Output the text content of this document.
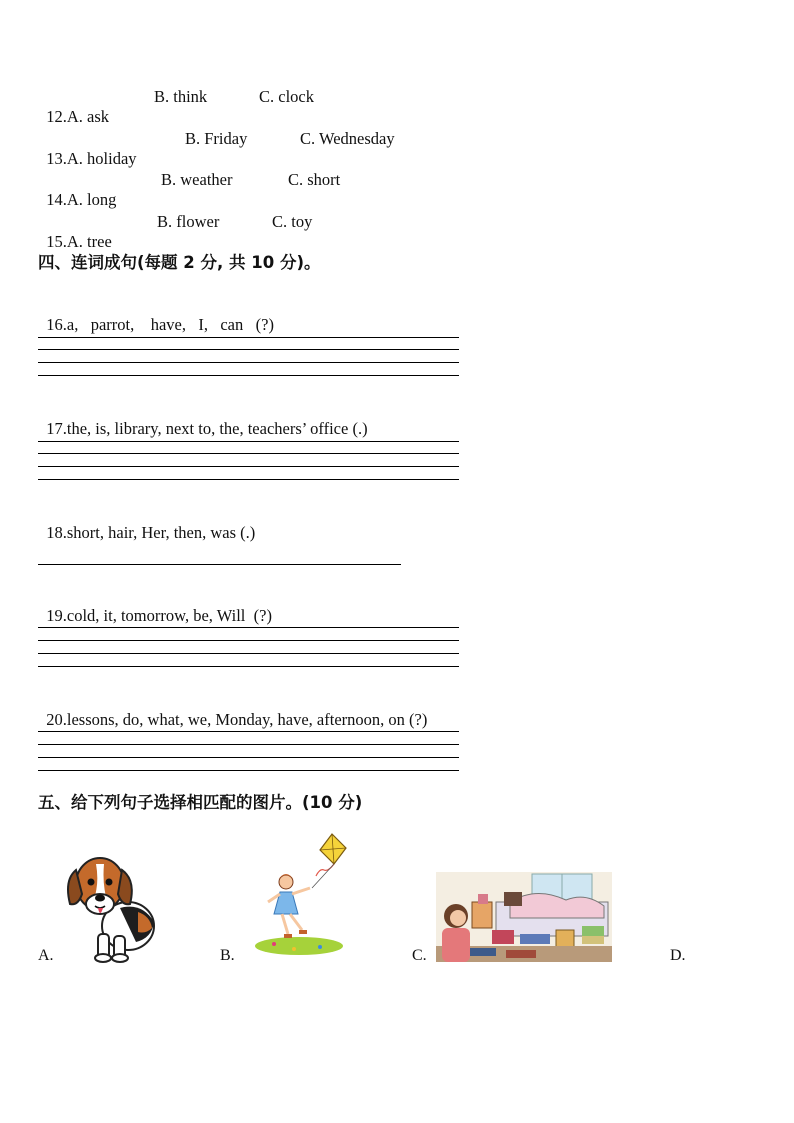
12.A. ask

B. think	C. clock

13.A. holiday

B. Friday	C. Wednesday

14.A. long

B. weather	C. short

15.A. tree

B. flower	C. toy
四、连词成句(每题 2 分, 共 10 分)。

16.a,   parrot,    have,   I,   can   (?)

17.the, is, library, next to, the, teachers’ office (.)

18.short, hair, Her, then, was (.)

19.cold, it, tomorrow, be, Will  (?)

20.lessons, do, what, we, Monday, have, afternoon, on (?)

五、给下列句子选择相匹配的图片。(10 分)
A.	B.	C.	D.
